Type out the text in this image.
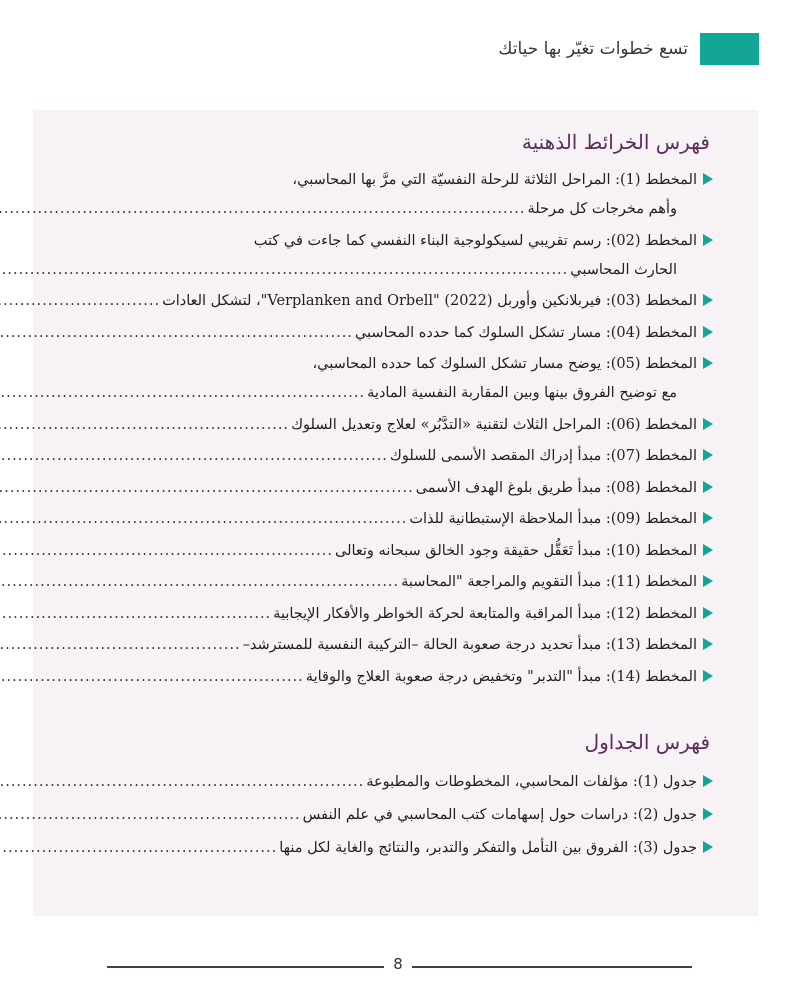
تسع خطوات تغيّر بها حياتك
فهرس الخرائط الذهنية
المخطط (1): المراحل الثلاثة للرحلة النفسيّة التي مرَّ بها المحاسبي،
وأهم مخرجات كل مرحلة
.....
المخطط (02): رسم تقريبي لسيكولوجية البناء النفسي كما جاءت في كتب
الحارث المحاسبي
.....
المخطط (03): فيربلانكين وأوربل (2022) "Verplanken and Orbell"، لتشكل العادات
.....
المخطط (04): مسار تشكل السلوك كما حدده المحاسبي
.....
المخطط (05): يوضح مسار تشكل السلوك كما حدده المحاسبي،
مع توضيح الفروق بينها وبين المقاربة النفسية المادية
.....
المخطط (06): المراحل الثلاث لتقنية «التدَّبُر» لعلاج وتعديل السلوك
.....
المخطط (07): مبدأ إدراك المقصد الأسمى للسلوك
.....
المخطط (08): مبدأ طريق بلوغ الهدف الأسمى
.....
المخطط (09): مبدأ الملاحظة الإستبطانية للذات
.....
المخطط (10): مبدأ تَعَقُّل حقيقة وجود الخالق سبحانه وتعالى
.....
المخطط (11): مبدأ التقويم والمراجعة "المحاسبة
.....
المخطط (12): مبدأ المراقبة والمتابعة لحركة الخواطر والأفكار الإيجابية
.....
المخطط (13): مبدأ تحديد درجة صعوبة الحالة –التركيبة النفسية للمسترشد–
.....
المخطط (14): مبدأ "التدبر" وتخفيض درجة صعوبة العلاج والوقاية
.....
فهرس الجداول
جدول (1): مؤلفات المحاسبي، المخطوطات والمطبوعة
.....
جدول (2): دراسات حول إسهامات كتب المحاسبي في علم النفس
.....
جدول (3): الفروق بين التأمل والتفكر والتدبر، والنتائج والغاية لكل منها
.....
8
